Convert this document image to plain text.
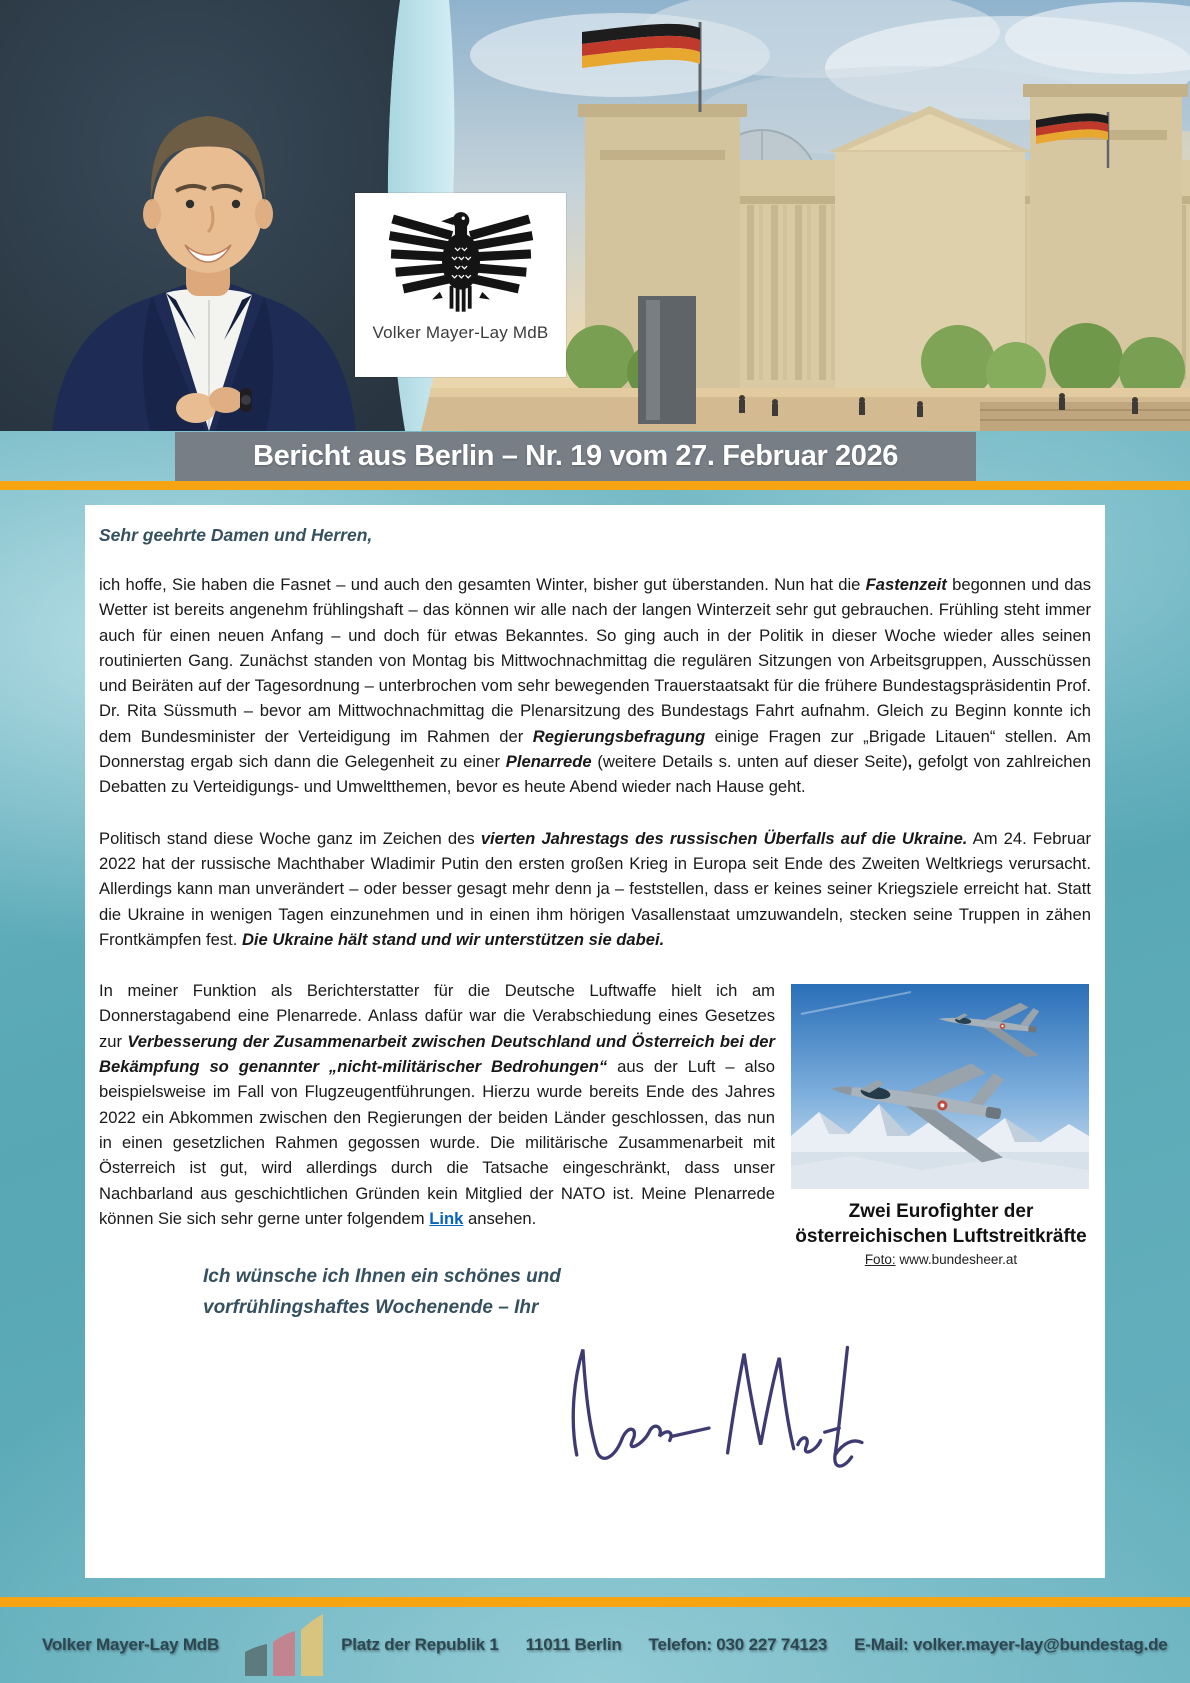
Volker Mayer-Lay MdB
Bericht aus Berlin – Nr. 19 vom 27. Februar 2026
Sehr geehrte Damen und Herren,

ich hoffe, Sie haben die Fasnet – und auch den gesamten Winter, bisher gut überstanden. Nun hat die Fastenzeit begonnen und das Wetter ist bereits angenehm frühlingshaft – das können wir alle nach der langen Winterzeit sehr gut gebrauchen. Frühling steht immer auch für einen neuen Anfang – und doch für etwas Bekanntes. So ging auch in der Politik in dieser Woche wieder alles seinen routinierten Gang. Zunächst standen von Montag bis Mittwochnachmittag die regulären Sitzungen von Arbeitsgruppen, Ausschüssen und Beiräten auf der Tagesordnung – unterbrochen vom sehr bewegenden Trauerstaatsakt für die frühere Bundestagspräsidentin Prof. Dr. Rita Süssmuth – bevor am Mittwochnachmittag die Plenarsitzung des Bundestags Fahrt aufnahm. Gleich zu Beginn konnte ich dem Bundesminister der Verteidigung im Rahmen der Regierungsbefragung einige Fragen zur „Brigade Litauen“ stellen. Am Donnerstag ergab sich dann die Gelegenheit zu einer Plenarrede (weitere Details s. unten auf dieser Seite), gefolgt von zahlreichen Debatten zu Verteidigungs- und Umweltthemen, bevor es heute Abend wieder nach Hause geht.

Politisch stand diese Woche ganz im Zeichen des vierten Jahrestags des russischen Überfalls auf die Ukraine. Am 24. Februar 2022 hat der russische Machthaber Wladimir Putin den ersten großen Krieg in Europa seit Ende des Zweiten Weltkriegs verursacht. Allerdings kann man unverändert – oder besser gesagt mehr denn ja – feststellen, dass er keines seiner Kriegsziele erreicht hat. Statt die Ukraine in wenigen Tagen einzunehmen und in einen ihm hörigen Vasallenstaat umzuwandeln, stecken seine Truppen in zähen Frontkämpfen fest. Die Ukraine hält stand und wir unterstützen sie dabei.

Zwei Eurofighter der
österreichischen Luftstreitkräfte
Foto: www.bundesheer.at

In meiner Funktion als Berichterstatter für die Deutsche Luftwaffe hielt ich am Donnerstagabend eine Plenarrede. Anlass dafür war die Verabschiedung eines Gesetzes zur Verbesserung der Zusammenarbeit zwischen Deutschland und Österreich bei der Bekämpfung so genannter „nicht-militärischer Bedrohungen“ aus der Luft – also beispielsweise im Fall von Flugzeugentführungen. Hierzu wurde bereits Ende des Jahres 2022 ein Abkommen zwischen den Regierungen der beiden Länder geschlossen, das nun in einen gesetzlichen Rahmen gegossen wurde. Die militärische Zusammenarbeit mit Österreich ist gut, wird allerdings durch die Tatsache eingeschränkt, dass unser Nachbarland aus geschichtlichen Gründen kein Mitglied der NATO ist. Meine Plenarrede können Sie sich sehr gerne unter folgendem Link ansehen.

Ich wünsche ich Ihnen ein schönes und vorfrühlingshaftes Wochenende – Ihr
Volker Mayer-Lay MdB	Platz der Republik 1 11011 Berlin Telefon: 030 227 74123 E-Mail: volker.mayer-lay@bundestag.de
